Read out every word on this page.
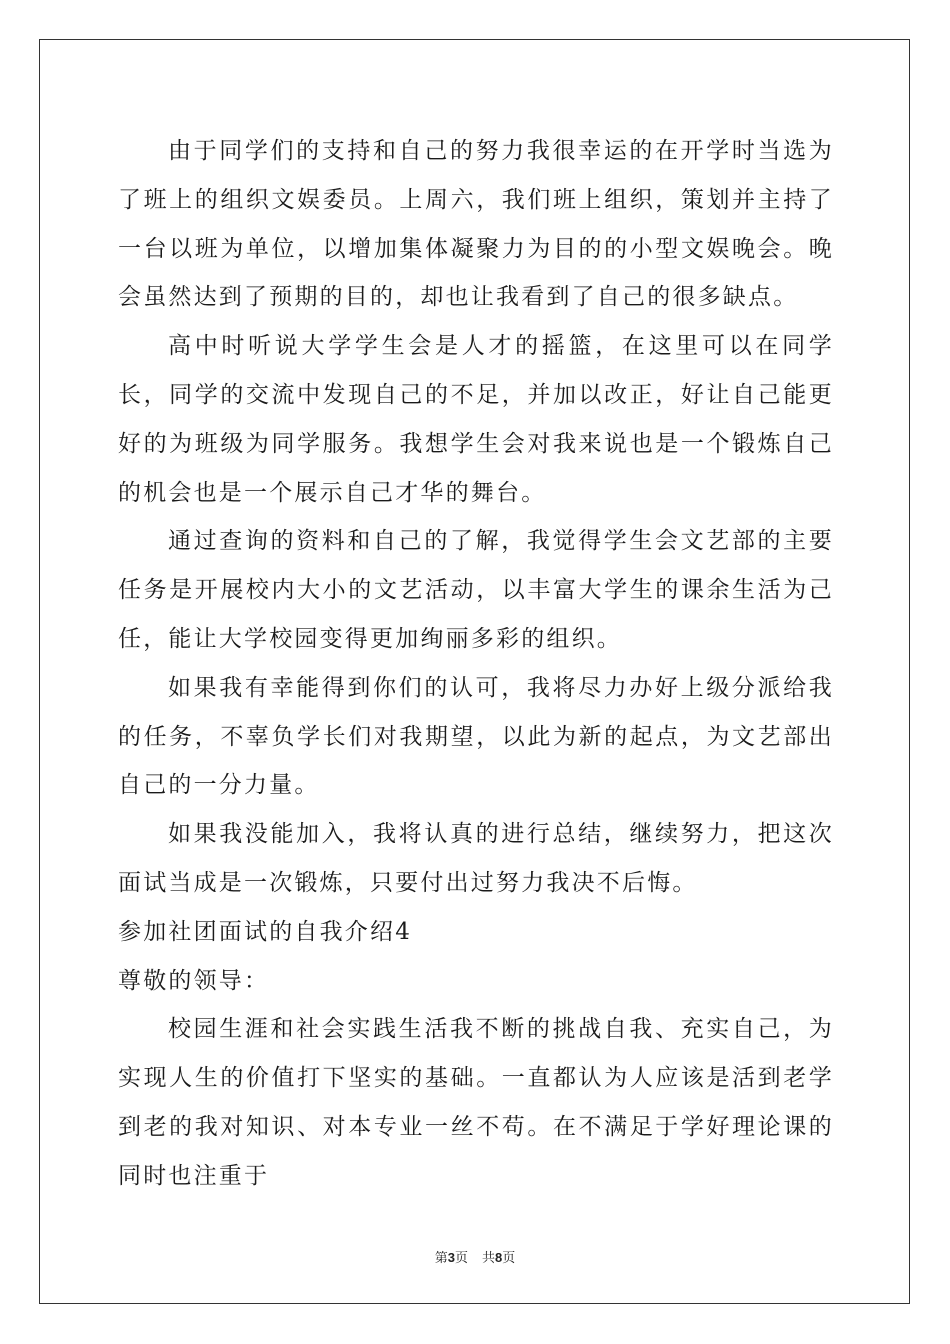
由于同学们的支持和自己的努力我很幸运的在开学时当选为了班上的组织文娱委员。上周六，我们班上组织，策划并主持了一台以班为单位，以增加集体凝聚力为目的的小型文娱晚会。晚会虽然达到了预期的目的，却也让我看到了自己的很多缺点。

高中时听说大学学生会是人才的摇篮，在这里可以在同学长，同学的交流中发现自己的不足，并加以改正，好让自己能更好的为班级为同学服务。我想学生会对我来说也是一个锻炼自己的机会也是一个展示自己才华的舞台。

通过查询的资料和自己的了解，我觉得学生会文艺部的主要任务是开展校内大小的文艺活动，以丰富大学生的课余生活为己任，能让大学校园变得更加绚丽多彩的组织。

如果我有幸能得到你们的认可，我将尽力办好上级分派给我的任务，不辜负学长们对我期望，以此为新的起点，为文艺部出自己的一分力量。

如果我没能加入，我将认真的进行总结，继续努力，把这次面试当成是一次锻炼，只要付出过努力我决不后悔。

参加社团面试的自我介绍4

尊敬的领导：

校园生涯和社会实践生活我不断的挑战自我、充实自己，为实现人生的价值打下坚实的基础。一直都认为人应该是活到老学到老的我对知识、对本专业一丝不苟。在不满足于学好理论课的同时也注重于

第3页 共8页
